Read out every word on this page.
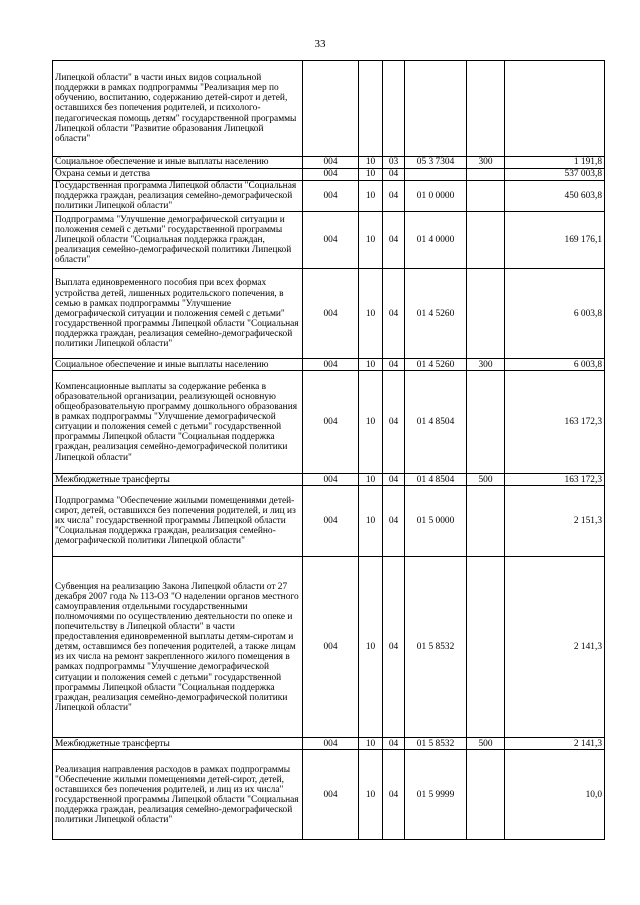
33
Липецкой области" в части иных видов социальной поддержки в рамках подпрограммы "Реализация мер по обучению, воспитанию, содержанию детей-сирот и детей, оставшихся без попечения родителей, и психолого-педагогическая помощь детям" государственной программы Липецкой области "Развитие образования Липецкой области"						
Социальное обеспечение и иные выплаты населению	004	10	03	05 3 7304	300	1 191,8
Охрана семьи и детства	004	10	04			537 003,8
Государственная программа Липецкой области "Социальная поддержка граждан, реализация семейно-демографической политики Липецкой области"	004	10	04	01 0 0000		450 603,8
Подпрограмма "Улучшение демографической ситуации и положения семей с детьми" государственной программы Липецкой области "Социальная поддержка граждан, реализация семейно-демографической политики Липецкой области"	004	10	04	01 4 0000		169 176,1
Выплата единовременного пособия при всех формах устройства детей, лишенных родительского попечения, в семью в рамках подпрограммы "Улучшение демографической ситуации и положения семей с детьми" государственной программы Липецкой области "Социальная поддержка граждан, реализация семейно-демографической политики Липецкой области"	004	10	04	01 4 5260		6 003,8
Социальное обеспечение и иные выплаты населению	004	10	04	01 4 5260	300	6 003,8
Компенсационные выплаты за содержание ребенка в образовательной организации, реализующей основную общеобразовательную программу дошкольного образования в рамках подпрограммы "Улучшение демографической ситуации и положения семей с детьми" государственной программы Липецкой области "Социальная поддержка граждан, реализация семейно-демографической политики Липецкой области"	004	10	04	01 4 8504		163 172,3
Межбюджетные трансферты	004	10	04	01 4 8504	500	163 172,3
Подпрограмма "Обеспечение жилыми помещениями детей-сирот, детей, оставшихся без попечения родителей, и лиц из их числа" государственной программы Липецкой области "Социальная поддержка граждан, реализация семейно-демографической политики Липецкой области"	004	10	04	01 5 0000		2 151,3
Субвенция на реализацию Закона Липецкой области от 27 декабря 2007 года № 113-ОЗ "О наделении органов местного самоуправления отдельными государственными полномочиями по осуществлению деятельности по опеке и попечительству в Липецкой области" в части предоставления единовременной выплаты детям-сиротам и детям, оставшимся без попечения родителей, а также лицам из их числа на ремонт закрепленного жилого помещения в рамках подпрограммы "Улучшение демографической ситуации и положения семей с детьми" государственной программы Липецкой области "Социальная поддержка граждан, реализация семейно-демографической политики Липецкой области"	004	10	04	01 5 8532		2 141,3
Межбюджетные трансферты	004	10	04	01 5 8532	500	2 141,3
Реализация направления расходов в рамках подпрограммы "Обеспечение жилыми помещениями детей-сирот, детей, оставшихся без попечения родителей, и лиц из их числа" государственной программы Липецкой области "Социальная поддержка граждан, реализация семейно-демографической политики Липецкой области"	004	10	04	01 5 9999		10,0
